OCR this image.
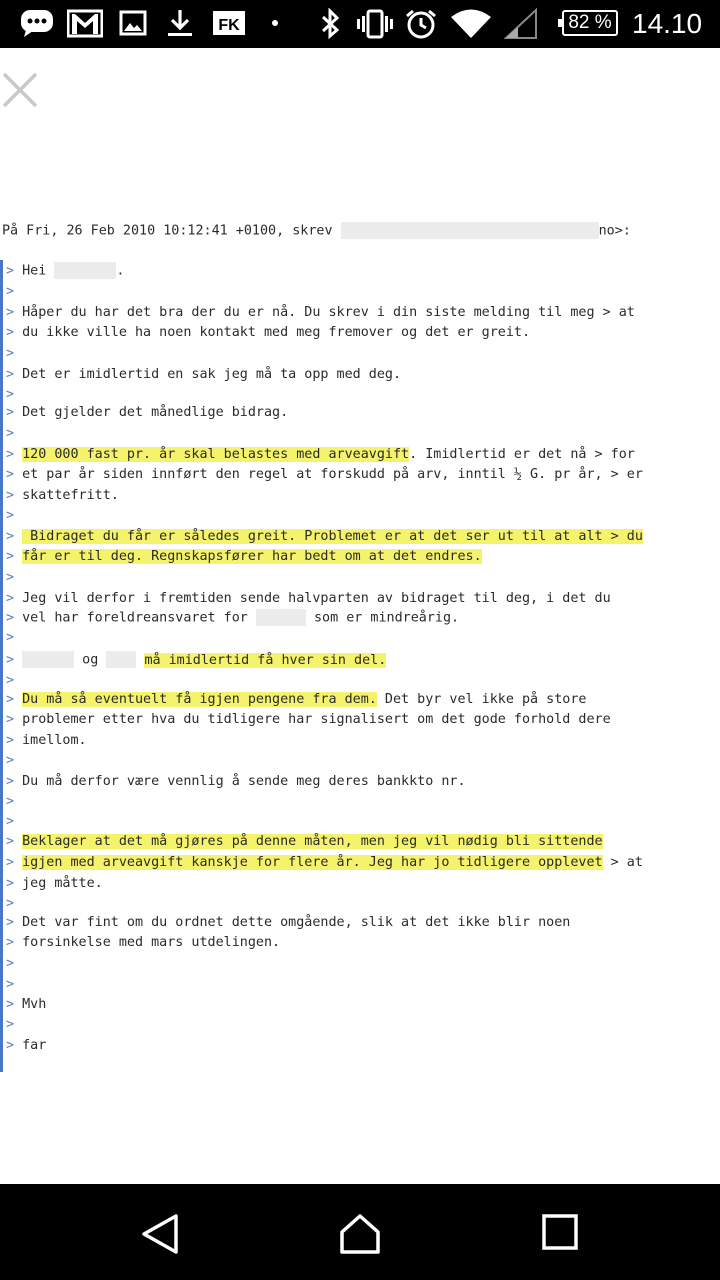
FK	82 % 14.10
På Fri, 26 Feb 2010 10:12:41 +0100, skrev	no>:
> Hei	.
>
> Håper du har det bra der du er nå. Du skrev i din siste melding til meg > at
> du ikke ville ha noen kontakt med meg fremover og det er greit.
>
> Det er imidlertid en sak jeg må ta opp med deg.
>
> Det gjelder det månedlige bidrag.
>
> 120 000 fast pr. år skal belastes med arveavgift. Imidlertid er det nå > for
> et par år siden innført den regel at forskudd på arv, inntil ½ G. pr år, > er
> skattefritt.
>
>  Bidraget du får er således greit. Problemet er at det ser ut til at alt > du
> får er til deg. Regnskapsfører har bedt om at det endres.
>
> Jeg vil derfor i fremtiden sende halvparten av bidraget til deg, i det du
> vel har foreldreansvaret for	som er mindreårig.
>
>	og	må imidlertid få hver sin del.
>
> Du må så eventuelt få igjen pengene fra dem. Det byr vel ikke på store
> problemer etter hva du tidligere har signalisert om det gode forhold dere
> imellom.
>
> Du må derfor være vennlig å sende meg deres bankkto nr.
>
>
> Beklager at det må gjøres på denne måten, men jeg vil nødig bli sittende
> igjen med arveavgift kanskje for flere år. Jeg har jo tidligere opplevet > at
> jeg måtte.
>
> Det var fint om du ordnet dette omgående, slik at det ikke blir noen
> forsinkelse med mars utdelingen.
>
>
> Mvh
>
> far
